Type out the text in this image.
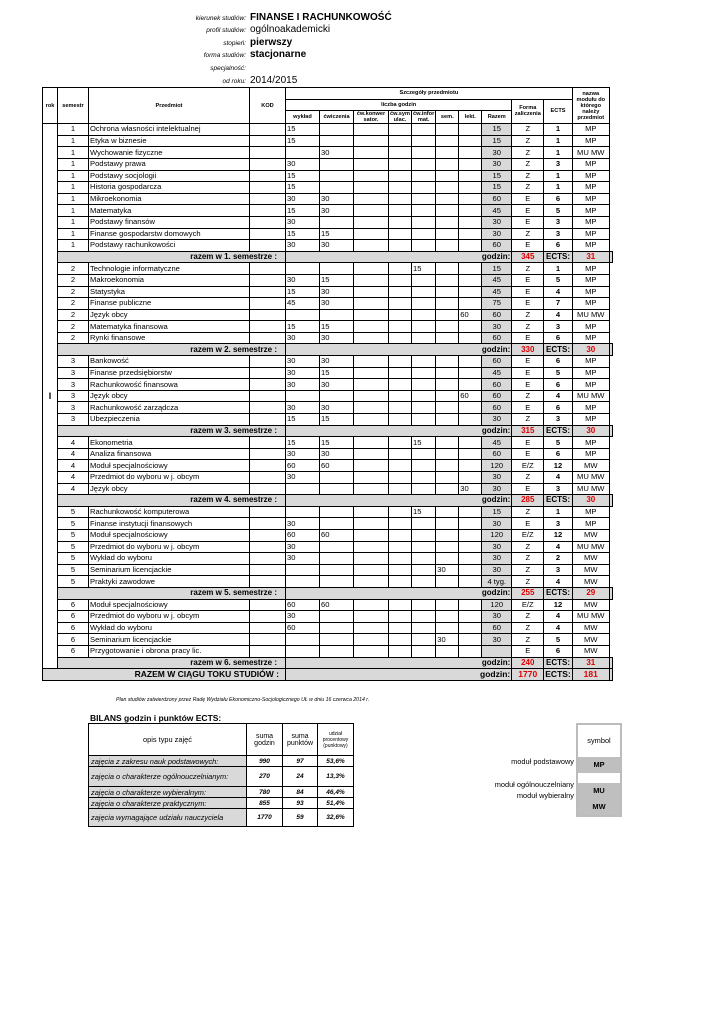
kierunek studiów: FINANSE I RACHUNKOWOŚĆ
profil studiów: ogólnoakademicki
stopień: pierwszy
forma studiów: stacjonarne
specjalność:
od roku: 2014/2015
rok	semestr	Przedmiot	KOD	Szczegóły przedmiotu										nazwa
modułu do
którego
należy
przedmiot	
				liczba godzin								Forma
zaliczenia	ECTS		
				wykład	ćwiczenia	ćw.konwer
sator.	ćw.sym
ulac.	ćw.infor
mat.	sem.	lekt.	Razem				
I	1	Ochrona własności intelektualnej		15							15	Z	1	MP	
	1	Etyka w biznesie		15							15	Z	1	MP	
	1	Wychowanie fizyczne			30						30	Z	1	MU MW	
	1	Podstawy prawa		30							30	Z	3	MP	
	1	Podstawy socjologii		15							15	Z	1	MP	
	1	Historia gospodarcza		15							15	Z	1	MP	
	1	Mikroekonomia		30	30						60	E	6	MP	
	1	Matematyka		15	30						45	E	5	MP	
	1	Podstawy finansów		30							30	E	3	MP	
	1	Finanse gospodarstw domowych		15	15						30	Z	3	MP	
	1	Podstawy rachunkowości		30	30						60	E	6	MP	
	razem w 1. semestrze :			godzin:								345	ECTS:	31	
	2	Technologie informatyczne						15			15	Z	1	MP	
	2	Makroekonomia		30	15						45	E	5	MP	
	2	Statystyka		15	30						45	E	4	MP	
	2	Finanse publiczne		45	30						75	E	7	MP	
	2	Język obcy								60	60	Z	4	MU MW	
	2	Matematyka finansowa		15	15						30	Z	3	MP	
	2	Rynki finansowe		30	30						60	E	6	MP	
	razem w 2. semestrze :			godzin:								330	ECTS:	30	
	3	Bankowość		30	30						60	E	6	MP	
	3	Finanse przedsiębiorstw		30	15						45	E	5	MP	
	3	Rachunkowość finansowa		30	30						60	E	6	MP	
	3	Język obcy								60	60	Z	4	MU MW	
	3	Rachunkowość zarządcza		30	30						60	E	6	MP	
	3	Ubezpieczenia		15	15						30	Z	3	MP	
	razem w 3. semestrze :			godzin:								315	ECTS:	30	
	4	Ekonometria		15	15			15			45	E	5	MP	
	4	Analiza finansowa		30	30						60	E	6	MP	
	4	Moduł specjalnościowy		60	60						120	E/Z	12	MW	
	4	Przedmiot do wyboru w j. obcym		30							30	Z	4	MU MW	
	4	Język obcy								30	30	E	3	MU MW	
	razem w 4. semestrze :			godzin:								285	ECTS:	30	
	5	Rachunkowość komputerowa						15			15	Z	1	MP	
	5	Finanse instytucji finansowych		30							30	E	3	MP	
	5	Moduł specjalnościowy		60	60						120	E/Z	12	MW	
	5	Przedmiot do wyboru w j. obcym		30							30	Z	4	MU MW	
	5	Wykład do wyboru		30							30	Z	2	MW	
	5	Seminarium licencjackie							30		30	Z	3	MW	
	5	Praktyki zawodowe									4 tyg.	Z	4	MW	
	razem w 5. semestrze :			godzin:								255	ECTS:	29	
	6	Moduł specjalnościowy		60	60						120	E/Z	12	MW	
	6	Przedmiot do wyboru w j. obcym		30							30	Z	4	MU MW	
	6	Wykład do wyboru		60							60	Z	4	MW	
	6	Seminarium licencjackie							30		30	Z	5	MW	
	6	Przygotowanie i obrona pracy lic.										E	6	MW	
	razem w 6. semestrze :			godzin:								240	ECTS:	31	
RAZEM W CIĄGU TOKU STUDIÓW :				godzin:								1770	ECTS:	181	
Plan studiów zatwierdzony przez Radę Wydziału Ekonomiczno-Socjologicznego UŁ w dniu 16 czerwca 2014 r.
BILANS godzin i punktów ECTS:
opis typu zajęć	suma
godzin	suma
punktów	udział
procentowy
(punktowy)
zajęcia z zakresu nauk podstawowych:	990	97	53,6%
zajęcia o charakterze ogólnouczelnianym:	270	24	13,3%
zajęcia o charakterze wybieralnym:	780	84	46,4%
zajęcia o charakterze praktycznym:	855	93	51,4%
zajęcia wymagające udziału nauczyciela	1770	59	32,6%
symbol
MP
MU
MW
moduł podstawowy
moduł ogólnouczelniany
moduł wybieralny
